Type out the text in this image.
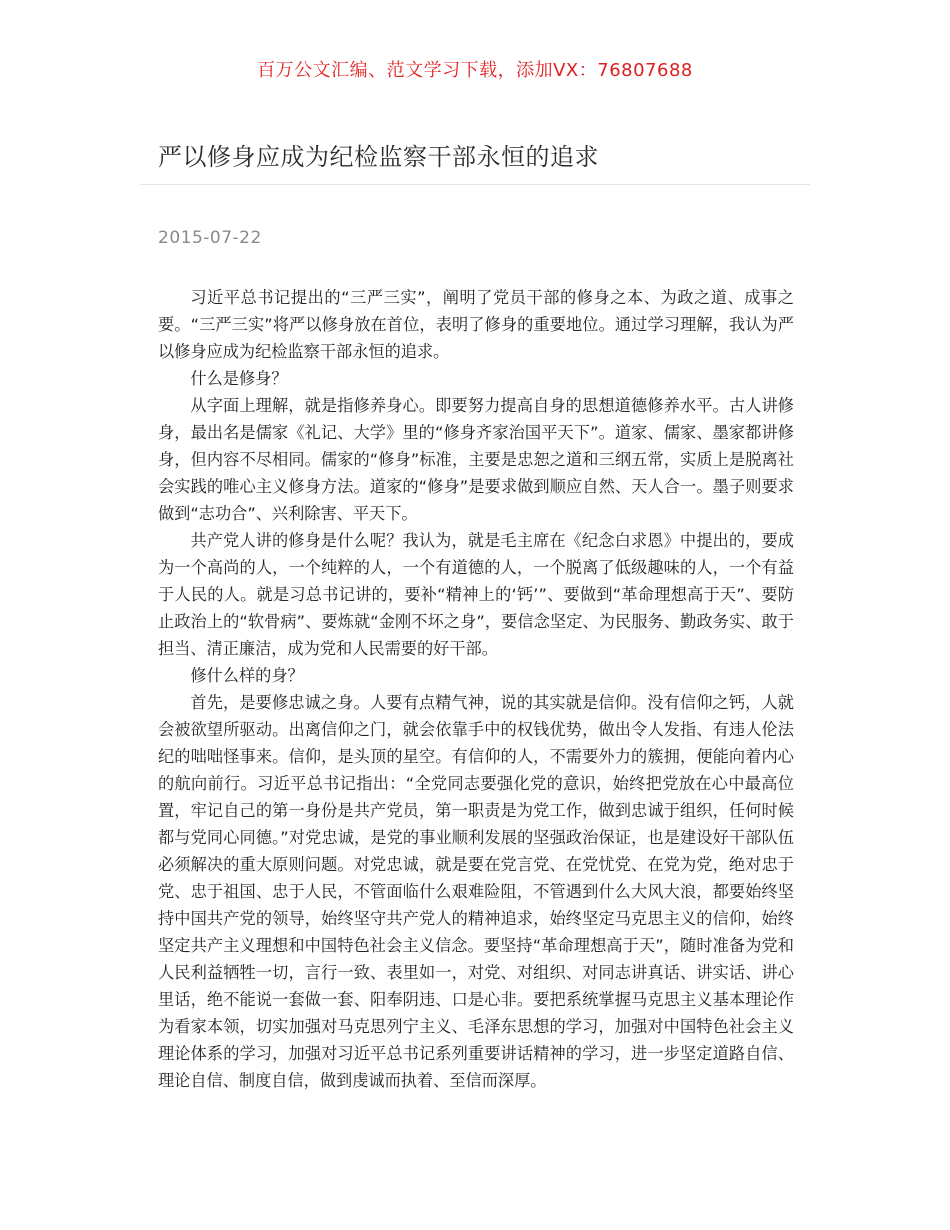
百万公文汇编、范文学习下载，添加VX：76807688
严以修身应成为纪检监察干部永恒的追求
2015-07-22

习近平总书记提出的“三严三实”，阐明了党员干部的修身之本、为政之道、成事之要。“三严三实”将严以修身放在首位，表明了修身的重要地位。通过学习理解，我认为严以修身应成为纪检监察干部永恒的追求。

什么是修身？

从字面上理解，就是指修养身心。即要努力提高自身的思想道德修养水平。古人讲修身，最出名是儒家《礼记、大学》里的“修身齐家治国平天下”。道家、儒家、墨家都讲修身，但内容不尽相同。儒家的“修身”标准，主要是忠恕之道和三纲五常，实质上是脱离社会实践的唯心主义修身方法。道家的“修身”是要求做到顺应自然、天人合一。墨子则要求做到“志功合”、兴利除害、平天下。

共产党人讲的修身是什么呢？我认为，就是毛主席在《纪念白求恩》中提出的，要成为一个高尚的人，一个纯粹的人，一个有道德的人，一个脱离了低级趣味的人，一个有益于人民的人。就是习总书记讲的，要补“精神上的‘钙’”、要做到“革命理想高于天”、要防止政治上的“软骨病”、要炼就“金刚不坏之身”，要信念坚定、为民服务、勤政务实、敢于担当、清正廉洁，成为党和人民需要的好干部。

修什么样的身？

首先，是要修忠诚之身。人要有点精气神，说的其实就是信仰。没有信仰之钙，人就会被欲望所驱动。出离信仰之门，就会依靠手中的权钱优势，做出令人发指、有违人伦法纪的咄咄怪事来。信仰，是头顶的星空。有信仰的人，不需要外力的簇拥，便能向着内心的航向前行。习近平总书记指出：“全党同志要强化党的意识，始终把党放在心中最高位置，牢记自己的第一身份是共产党员，第一职责是为党工作，做到忠诚于组织，任何时候都与党同心同德。”对党忠诚，是党的事业顺利发展的坚强政治保证，也是建设好干部队伍必须解决的重大原则问题。对党忠诚，就是要在党言党、在党忧党、在党为党，绝对忠于党、忠于祖国、忠于人民，不管面临什么艰难险阻，不管遇到什么大风大浪，都要始终坚持中国共产党的领导，始终坚守共产党人的精神追求，始终坚定马克思主义的信仰，始终坚定共产主义理想和中国特色社会主义信念。要坚持“革命理想高于天”，随时准备为党和人民利益牺牲一切，言行一致、表里如一，对党、对组织、对同志讲真话、讲实话、讲心里话，绝不能说一套做一套、阳奉阴违、口是心非。要把系统掌握马克思主义基本理论作为看家本领，切实加强对马克思列宁主义、毛泽东思想的学习，加强对中国特色社会主义理论体系的学习，加强对习近平总书记系列重要讲话精神的学习，进一步坚定道路自信、理论自信、制度自信，做到虔诚而执着、至信而深厚。
